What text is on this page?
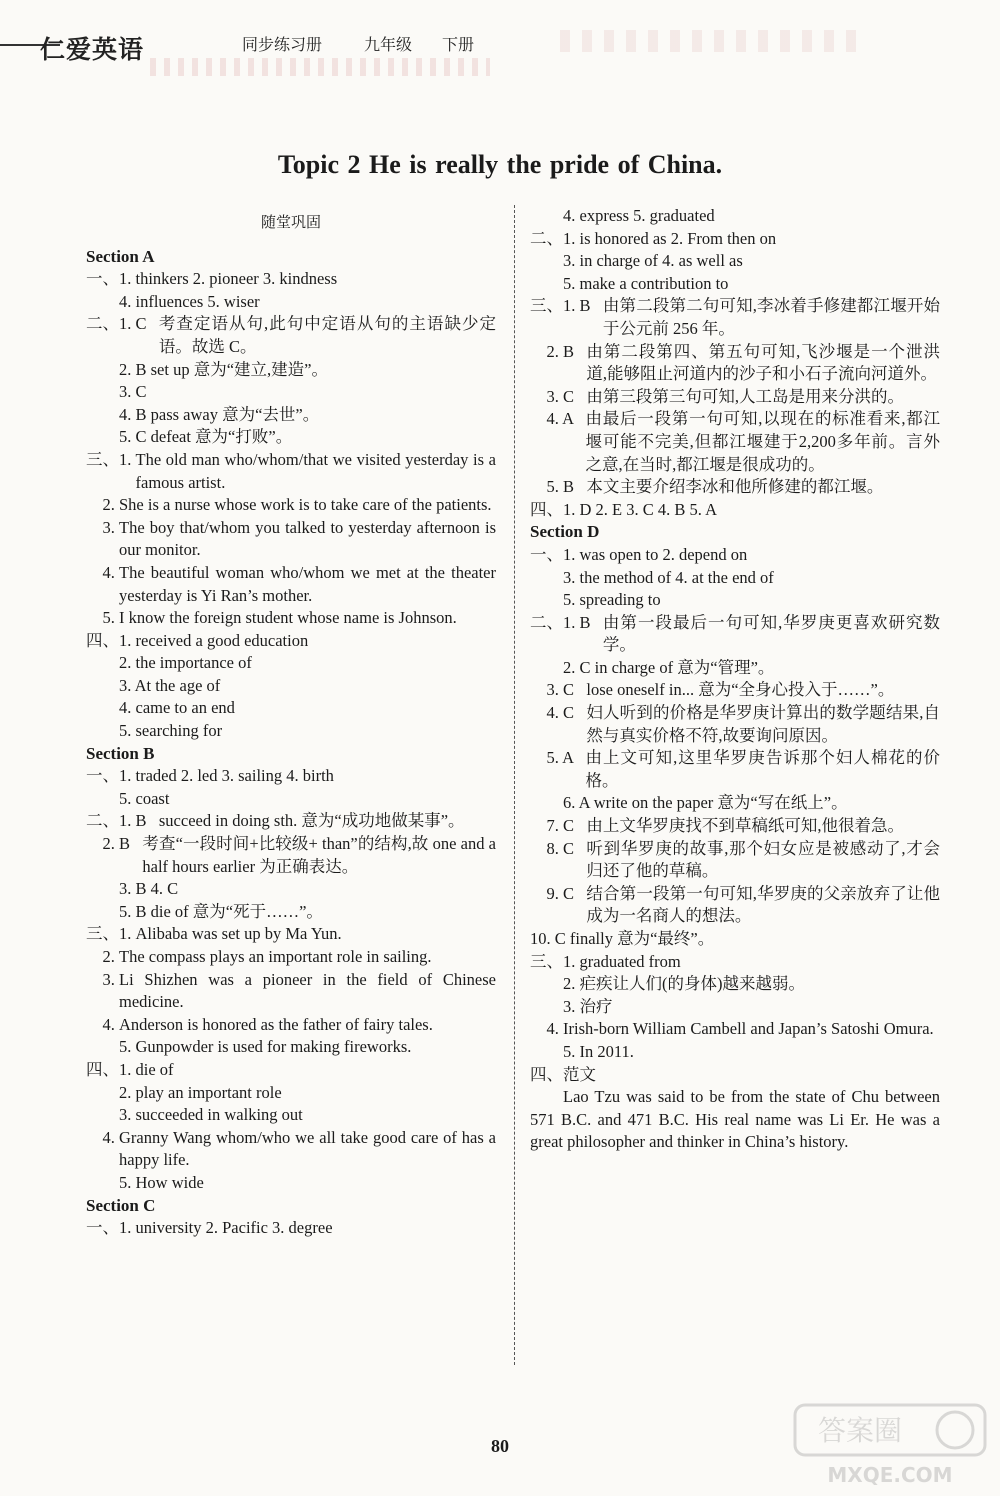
仁爱英语	同步练习册	九年级 下册
Topic 2 He is really the pride of China.
随堂巩固
Section A
一、1. thinkers 2. pioneer 3. kindness
  4. influences 5. wiser
二、1. C 考查定语从句,此句中定语从句的主语缺少定语。故选 C。
  2. B set up 意为“建立,建造”。
  3. C
  4. B pass away 意为“去世”。
  5. C defeat 意为“打败”。
三、1. The old man who/whom/that we visited yesterday is a famous artist.
2. She is a nurse whose work is to take care of the patients.
3. The boy that/whom you talked to yesterday afternoon is our monitor.
4. The beautiful woman who/whom we met at the theater yesterday is Yi Ran’s mother.
5. I know the foreign student whose name is Johnson.
四、1. received a good education
  2. the importance of
  3. At the age of
  4. came to an end
  5. searching for
Section B
一、1. traded 2. led 3. sailing 4. birth
  5. coast
二、1. B succeed in doing sth. 意为“成功地做某事”。
2. B 考查“一段时间+比较级+ than”的结构,故 one and a half hours earlier 为正确表达。
  3. B 4. C
  5. B die of 意为“死于……”。
三、1. Alibaba was set up by Ma Yun.
2. The compass plays an important role in sailing.
3. Li Shizhen was a pioneer in the field of Chinese medicine.
4. Anderson is honored as the father of fairy tales.
  5. Gunpowder is used for making fireworks.
四、1. die of
  2. play an important role
  3. succeeded in walking out
4. Granny Wang whom/who we all take good care of has a happy life.
  5. How wide
Section C
一、1. university 2. Pacific 3. degree
  4. express 5. graduated
二、1. is honored as 2. From then on
  3. in charge of 4. as well as
  5. make a contribution to
三、1. B 由第二段第二句可知,李冰着手修建都江堰开始于公元前 256 年。
2. B 由第二段第四、第五句可知,飞沙堰是一个泄洪道,能够阻止河道内的沙子和小石子流向河道外。
3. C 由第三段第三句可知,人工岛是用来分洪的。
4. A 由最后一段第一句可知,以现在的标准看来,都江堰可能不完美,但都江堰建于2,200多年前。言外之意,在当时,都江堰是很成功的。
5. B 本文主要介绍李冰和他所修建的都江堰。
四、1. D 2. E 3. C 4. B 5. A
Section D
一、1. was open to 2. depend on
  3. the method of 4. at the end of
  5. spreading to
二、1. B 由第一段最后一句可知,华罗庚更喜欢研究数学。
  2. C in charge of 意为“管理”。
3. C lose oneself in... 意为“全身心投入于……”。
4. C 妇人听到的价格是华罗庚计算出的数学题结果,自然与真实价格不符,故要询问原因。
5. A 由上文可知,这里华罗庚告诉那个妇人棉花的价格。
  6. A write on the paper 意为“写在纸上”。
7. C 由上文华罗庚找不到草稿纸可知,他很着急。
8. C 听到华罗庚的故事,那个妇女应是被感动了,才会归还了他的草稿。
9. C 结合第一段第一句可知,华罗庚的父亲放弃了让他成为一名商人的想法。
10. C finally 意为“最终”。
三、1. graduated from
  2. 疟疾让人们(的身体)越来越弱。
  3. 治疗
4. Irish-born William Cambell and Japan’s Satoshi Omura.
  5. In 2011.
四、范文
Lao Tzu was said to be from the state of Chu between 571 B.C. and 471 B.C. His real name was Li Er. He was a great philosopher and thinker in China’s history.
80	答案圈
MXQE.COM
